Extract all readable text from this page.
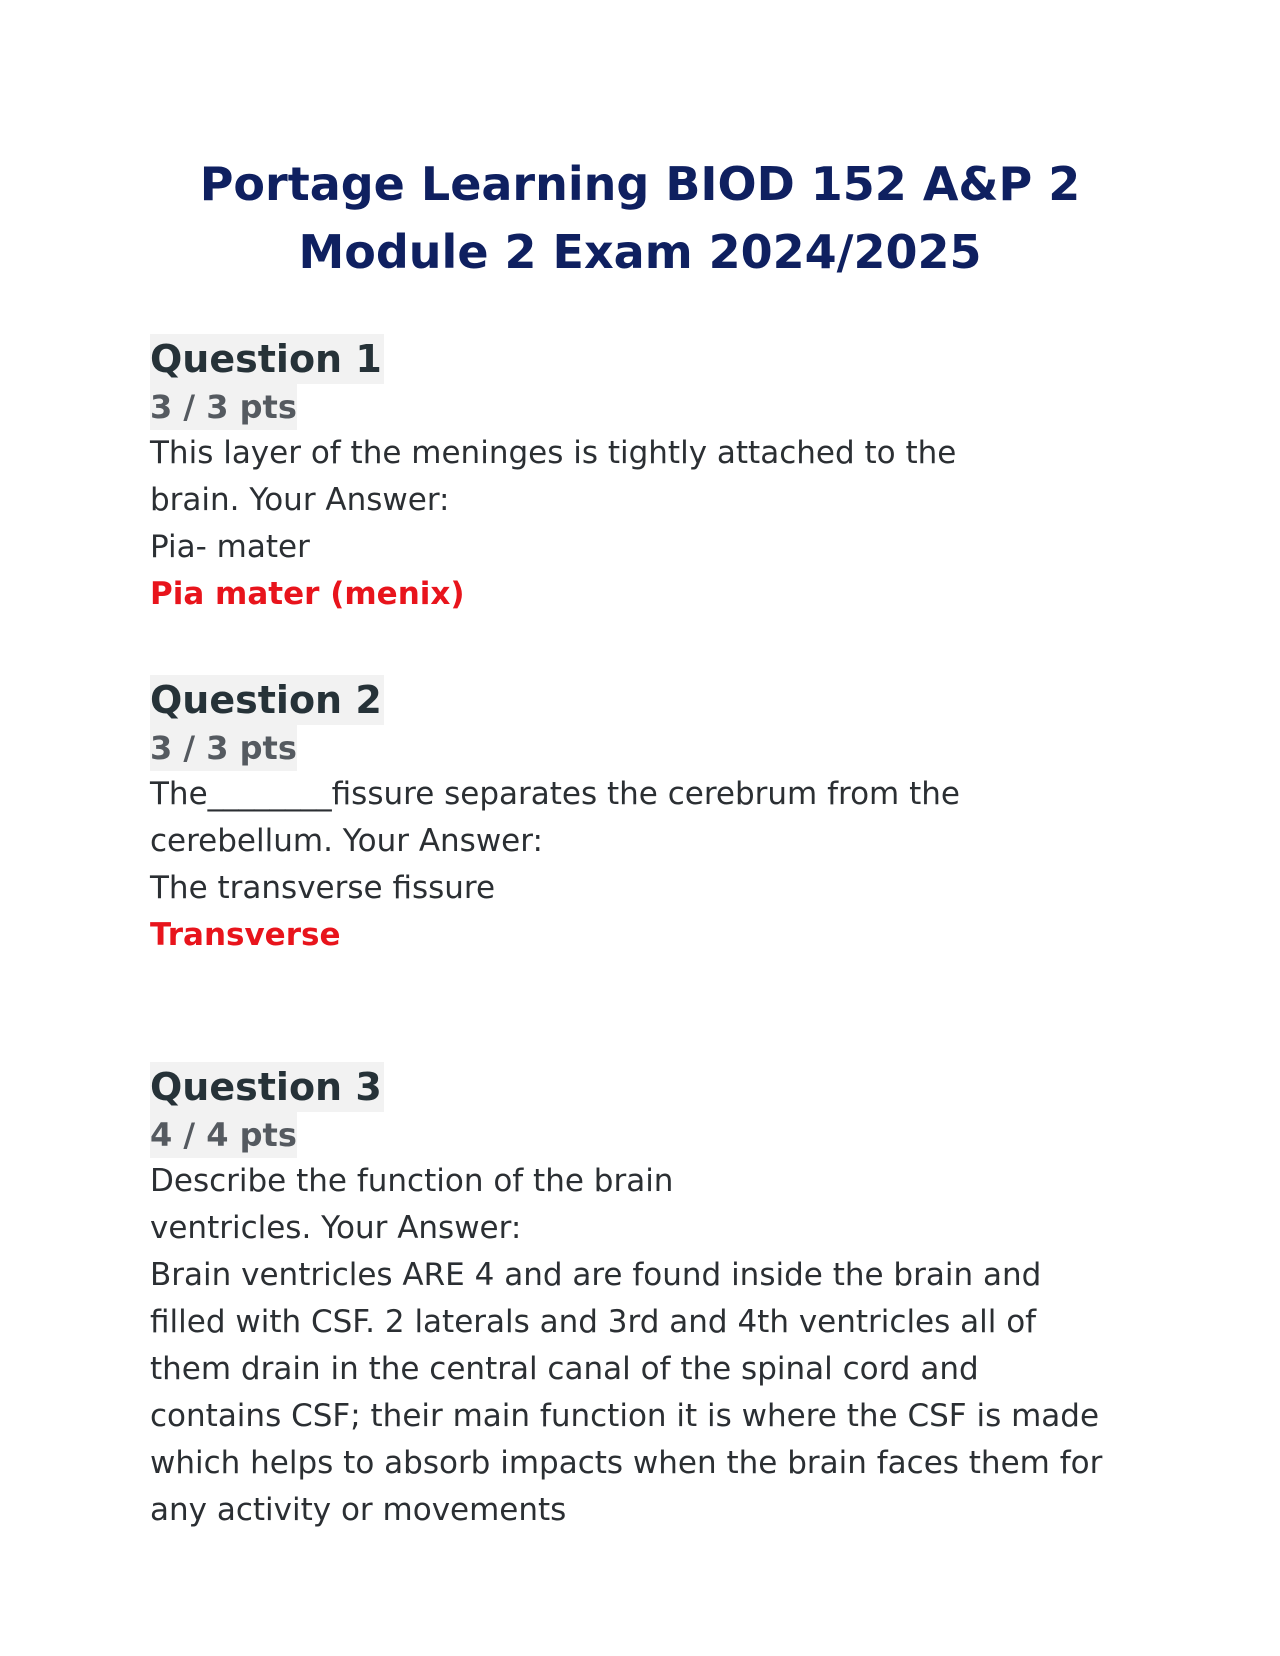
Portage Learning BIOD 152 A&P 2
Module 2 Exam 2024/2025
Question 1
3 / 3 pts

This layer of the meninges is tightly attached to the
brain. Your Answer:

Pia- mater

Pia mater (menix)

Question 2
3 / 3 pts

The________fissure separates the cerebrum from the
cerebellum. Your Answer:

The transverse fissure

Transverse

Question 3
4 / 4 pts

Describe the function of the brain
ventricles. Your Answer:

Brain ventricles ARE 4 and are found inside the brain and
filled with CSF. 2 laterals and 3rd and 4th ventricles all of
them drain in the central canal of the spinal cord and
contains CSF; their main function it is where the CSF is made
which helps to absorb impacts when the brain faces them for
any activity or movements
